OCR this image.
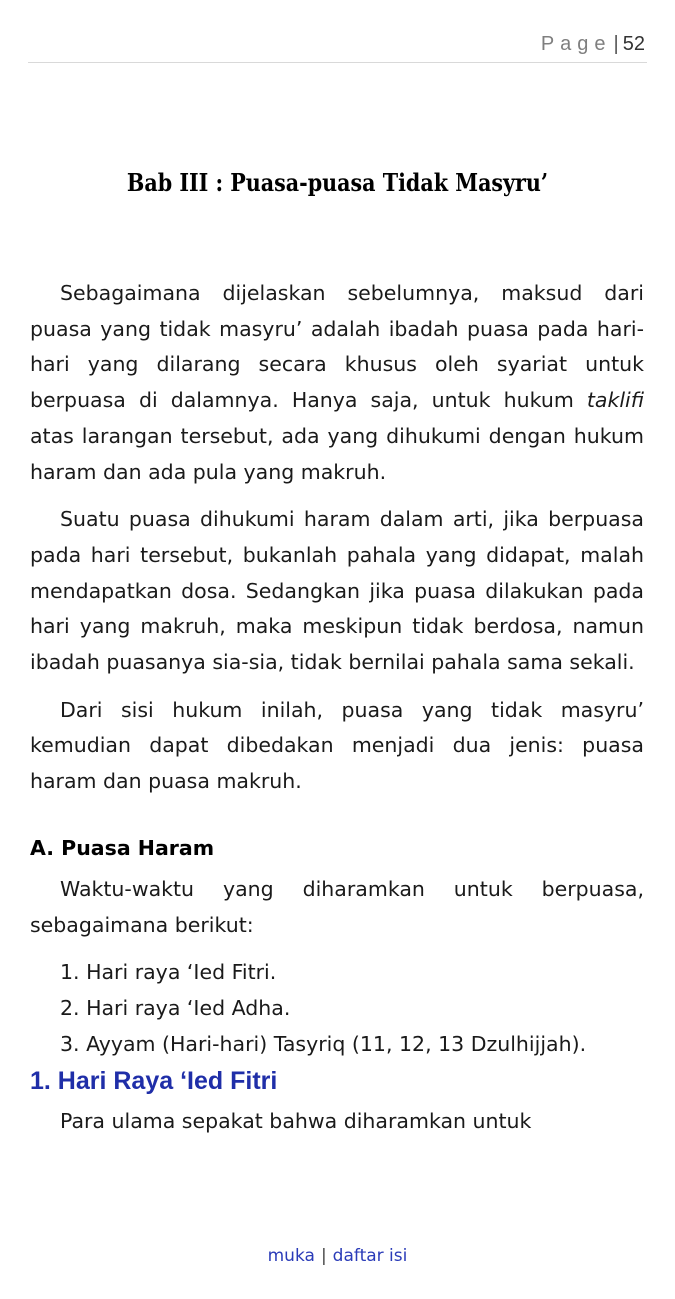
Page | 52
Bab III : Puasa-puasa Tidak Masyru’

Sebagaimana dijelaskan sebelumnya, maksud dari puasa yang tidak masyru’ adalah ibadah puasa pada hari-hari yang dilarang secara khusus oleh syariat untuk berpuasa di dalamnya. Hanya saja, untuk hukum taklifi atas larangan tersebut, ada yang dihukumi dengan hukum haram dan ada pula yang makruh.

Suatu puasa dihukumi haram dalam arti, jika berpuasa pada hari tersebut, bukanlah pahala yang didapat, malah mendapatkan dosa. Sedangkan jika puasa dilakukan pada hari yang makruh, maka meskipun tidak berdosa, namun ibadah puasanya sia-sia, tidak bernilai pahala sama sekali.

Dari sisi hukum inilah, puasa yang tidak masyru’ kemudian dapat dibedakan menjadi dua jenis: puasa haram dan puasa makruh.

A. Puasa Haram

Waktu-waktu yang diharamkan untuk berpuasa, sebagaimana berikut:

1. Hari raya ‘Ied Fitri.
2. Hari raya ‘Ied Adha.
3. Ayyam (Hari-hari) Tasyriq (11, 12, 13 Dzulhijjah).
1. Hari Raya ‘Ied Fitri

Para ulama sepakat bahwa diharamkan untuk

muka | daftar isi
